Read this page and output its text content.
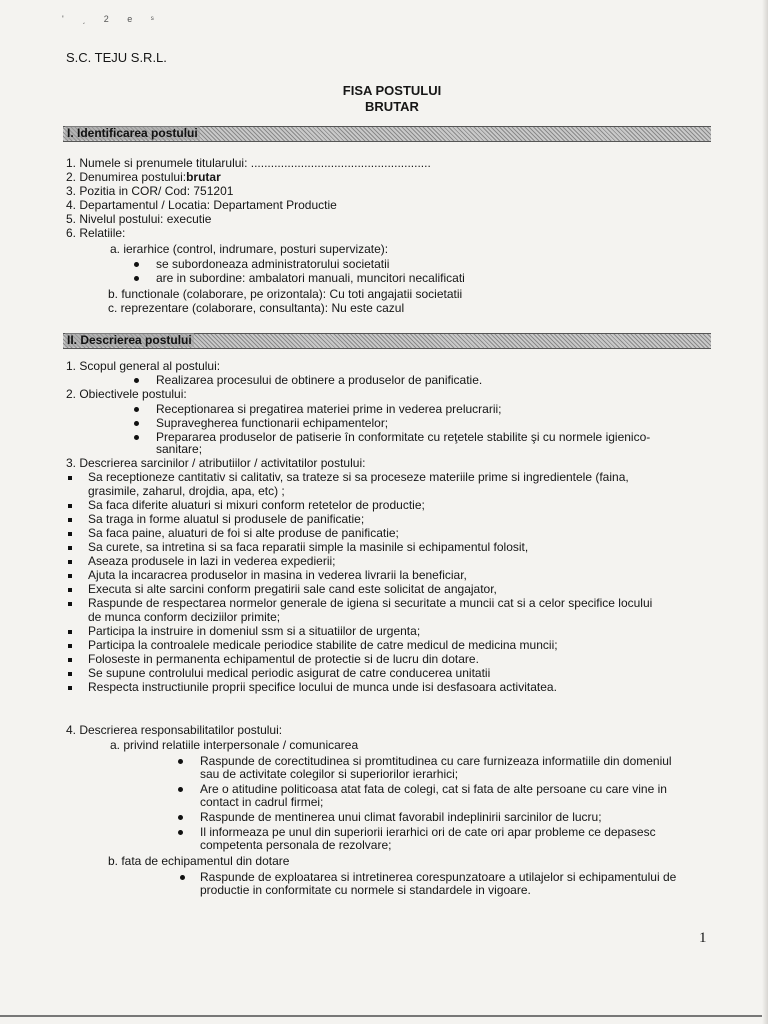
' ˏ 2 e ˢ
S.C. TEJU S.R.L.
FISA POSTULUI
BRUTAR
I. Identificarea postului
1. Numele si prenumele titularului: ......................................................
2. Denumirea postului:brutar
3. Pozitia in COR/ Cod: 751201
4. Departamentul / Locatia: Departament Productie
5. Nivelul postului: executie
6. Relatiile:
a. ierarhice (control, indrumare, posturi supervizate):
se subordoneaza administratorului societatii
are in subordine: ambalatori manuali, muncitori necalificati
b. functionale (colaborare, pe orizontala): Cu toti angajatii societatii
c. reprezentare (colaborare, consultanta): Nu este cazul
II. Descrierea postului
1. Scopul general al postului:
Realizarea procesului de obtinere a produselor de panificatie.
2. Obiectivele postului:
Receptionarea si pregatirea materiei prime in vederea prelucrarii;
Supravegherea functionarii echipamentelor;
Prepararea produselor de patiserie în conformitate cu reţetele stabilite şi cu normele igienico-
sanitare;
3. Descrierea sarcinilor / atributiilor / activitatilor postului:
Sa receptioneze cantitativ si calitativ, sa trateze si sa proceseze materiile prime si ingredientele (faina,
grasimile, zaharul, drojdia, apa, etc) ;
Sa faca diferite aluaturi si mixuri conform retetelor de productie;
Sa traga in forme aluatul si produsele de panificatie;
Sa faca paine, aluaturi de foi si alte produse de panificatie;
Sa curete, sa intretina si sa faca reparatii simple la masinile si echipamentul folosit,
Aseaza produsele in lazi in vederea expedierii;
Ajuta la incaracrea produselor in masina in vederea livrarii la beneficiar,
Executa si alte sarcini conform pregatirii sale cand este solicitat de angajator,
Raspunde de respectarea normelor generale de igiena si securitate a muncii cat si a celor specifice locului
de munca conform deciziilor primite;
Participa la instruire in domeniul ssm si a situatiilor de urgenta;
Participa la controalele medicale periodice stabilite de catre medicul de medicina muncii;
Foloseste in permanenta echipamentul de protectie si de lucru din dotare.
Se supune controlului medical periodic asigurat de catre conducerea unitatii
Respecta instructiunile proprii specifice locului de munca unde isi desfasoara activitatea.
4. Descrierea responsabilitatilor postului:
a. privind relatiile interpersonale / comunicarea
Raspunde de corectitudinea si promtitudinea cu care furnizeaza informatiile din domeniul
sau de activitate colegilor si superiorilor ierarhici;
Are o atitudine politicoasa atat fata de colegi, cat si fata de alte persoane cu care vine in
contact in cadrul firmei;
Raspunde de mentinerea unui climat favorabil indeplinirii sarcinilor de lucru;
Il informeaza pe unul din superiorii ierarhici ori de cate ori apar probleme ce depasesc
competenta personala de rezolvare;
b. fata de echipamentul din dotare
Raspunde de exploatarea si intretinerea corespunzatoare a utilajelor si echipamentului de
productie in conformitate cu normele si standardele in vigoare.
1
